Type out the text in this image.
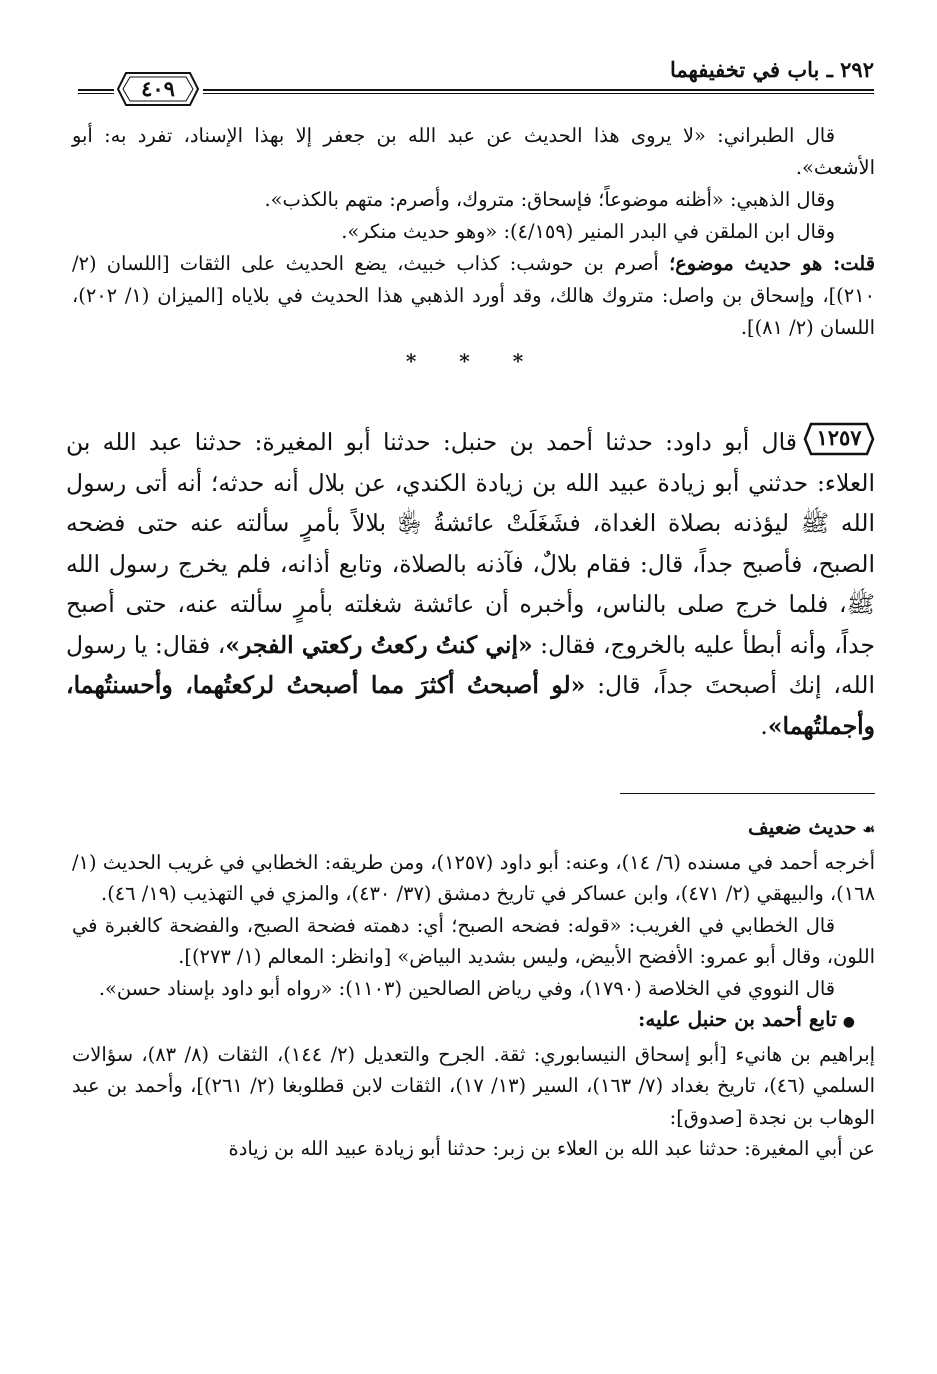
٢٩٢ ـ باب في تخفيفهما
٤٠٩

قال الطبراني: «لا يروى هذا الحديث عن عبد الله بن جعفر إلا بهذا الإسناد، تفرد به: أبو الأشعث».

وقال الذهبي: «أظنه موضوعاً؛ فإسحاق: متروك، وأصرم: متهم بالكذب».

وقال ابن الملقن في البدر المنير (٤/١٥٩): «وهو حديث منكر».

قلت: هو حديث موضوع؛ أصرم بن حوشب: كذاب خبيث، يضع الحديث على الثقات [اللسان (٢/ ٢١٠)]، وإسحاق بن واصل: متروك هالك، وقد أورد الذهبي هذا الحديث في بلاياه [الميزان (١/ ٢٠٢)، اللسان (٢/ ٨١)].

* * *

١٢٥٧
قال أبو داود: حدثنا أحمد بن حنبل: حدثنا أبو المغيرة: حدثنا عبد الله بن العلاء: حدثني أبو زيادة عبيد الله بن زيادة الكندي، عن بلال أنه حدثه؛ أنه أتى رسول الله ﷺ ليؤذنه بصلاة الغداة، فشَغَلَتْ عائشةُ ﵂ بلالاً بأمرٍ سألته عنه حتى فضحه الصبح، فأصبح جداً، قال: فقام بلالٌ، فآذنه بالصلاة، وتابع أذانه، فلم يخرج رسول الله ﷺ، فلما خرج صلى بالناس، وأخبره أن عائشة شغلته بأمرٍ سألته عنه، حتى أصبح جداً، وأنه أبطأ عليه بالخروج، فقال: «إني كنتُ ركعتُ ركعتي الفجر»، فقال: يا رسول الله، إنك أصبحتَ جداً، قال: «لو أصبحتُ أكثرَ مما أصبحتُ لركعتُهما، وأحسنتُهما، وأجملتُهما».

☙حديث ضعيف

أخرجه أحمد في مسنده (٦/ ١٤)، وعنه: أبو داود (١٢٥٧)، ومن طريقه: الخطابي في غريب الحديث (١/ ١٦٨)، والبيهقي (٢/ ٤٧١)، وابن عساكر في تاريخ دمشق (٣٧/ ٤٣٠)، والمزي في التهذيب (١٩/ ٤٦).

قال الخطابي في الغريب: «قوله: فضحه الصبح؛ أي: دهمته فضحة الصبح، والفضحة كالغبرة في اللون، وقال أبو عمرو: الأفضح الأبيض، وليس بشديد البياض» [وانظر: المعالم (١/ ٢٧٣)].

قال النووي في الخلاصة (١٧٩٠)، وفي رياض الصالحين (١١٠٣): «رواه أبو داود بإسناد حسن».

●تابع أحمد بن حنبل عليه:

إبراهيم بن هانيء [أبو إسحاق النيسابوري: ثقة. الجرح والتعديل (٢/ ١٤٤)، الثقات (٨/ ٨٣)، سؤالات السلمي (٤٦)، تاريخ بغداد (٧/ ١٦٣)، السير (١٣/ ١٧)، الثقات لابن قطلوبغا (٢/ ٢٦١)]، وأحمد بن عبد الوهاب بن نجدة [صدوق]:

عن أبي المغيرة: حدثنا عبد الله بن العلاء بن زبر: حدثنا أبو زيادة عبيد الله بن زيادة
